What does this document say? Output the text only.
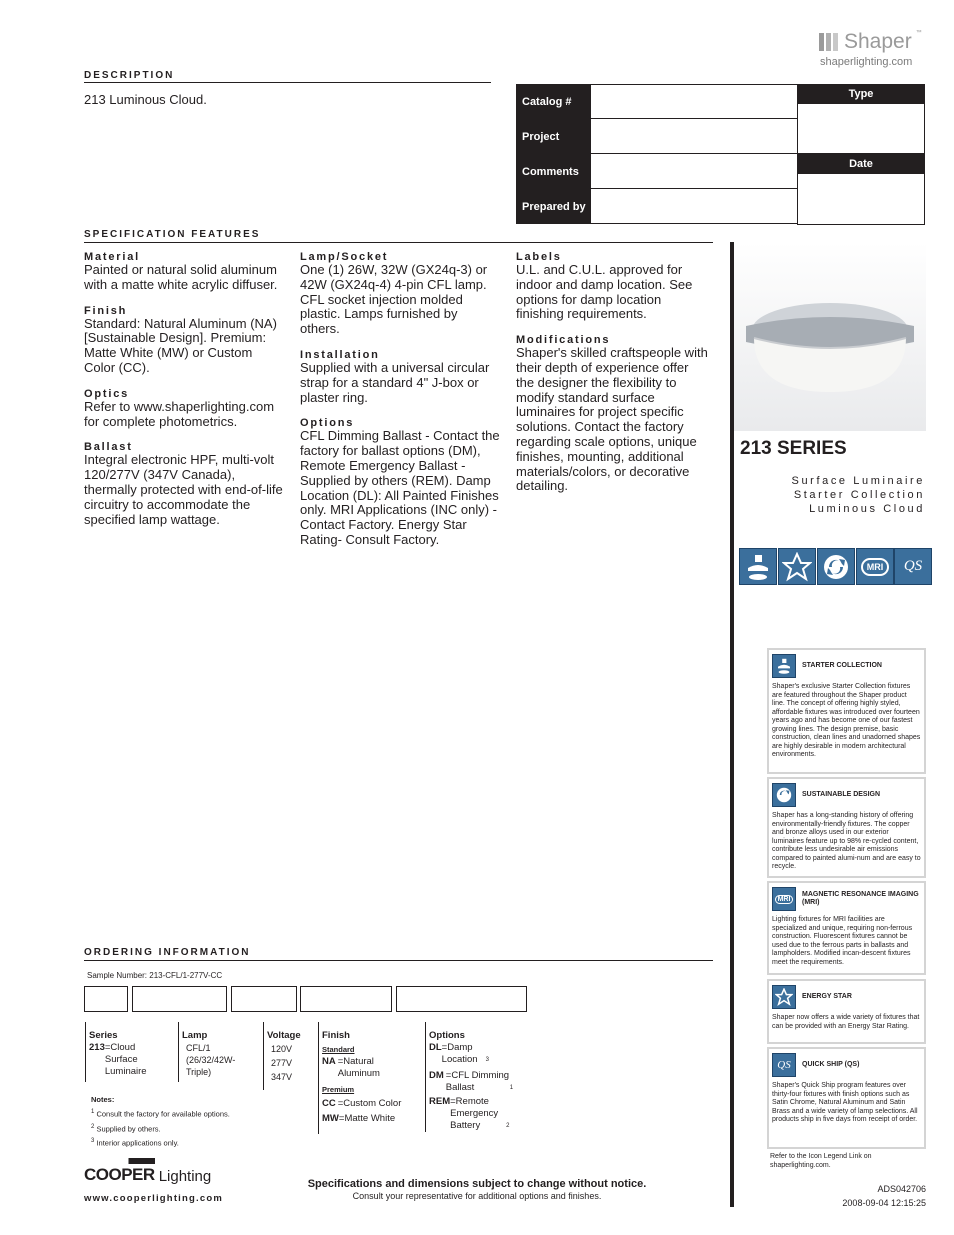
Shaper ™
shaperlighting.com
DESCRIPTION
213 Luminous Cloud.	Catalog #
Project
Comments
Prepared by
Type
Date
SPECIFICATION FEATURES
Material
Painted or natural solid aluminum with a matte white acrylic diffuser.
Finish
Standard: Natural Aluminum (NA) [Sustainable Design]. Premium: Matte White (MW) or Custom Color (CC).
Optics
Refer to www.shaperlighting.com for complete photometrics.
Ballast
Integral electronic HPF, multi-volt 120/277V (347V Canada), thermally protected with end-of-life circuitry to accommodate the specified lamp wattage.
Lamp/Socket
One (1) 26W, 32W (GX24q-3) or 42W (GX24q-4) 4-pin CFL lamp. CFL socket injection molded plastic. Lamps furnished by others.
Installation
Supplied with a universal circular strap for a standard 4" J-box or plaster ring.
Options
CFL Dimming Ballast - Contact the factory for ballast options (DM), Remote Emergency Ballast - Supplied by others (REM). Damp Location (DL): All Painted Finishes only. MRI Applications (INC only) - Contact Factory. Energy Star Rating- Consult Factory.
Labels
U.L. and C.U.L. approved for indoor and damp location. See options for damp location finishing requirements.
Modifications
Shaper's skilled craftspeople with their depth of experience offer the designer the flexibility to modify standard surface luminaires for project specific solutions. Contact the factory regarding scale options, unique finishes, mounting, additional materials/colors, or decorative detailing.
213 SERIES
Surface Luminaire
Starter Collection
Luminous Cloud
MRI	QS
STARTER COLLECTION
Shaper's exclusive Starter Collection fixtures are featured throughout the Shaper product line. The concept of offering highly styled, affordable fixtures was introduced over fourteen years ago and has become one of our fastest growing lines. The design premise, basic construction, clean lines and unadorned shapes are highly desirable in modern architectural environments.
SUSTAINABLE DESIGN
Shaper has a long-standing history of offering environmentally-friendly fixtures. The copper and bronze alloys used in our exterior luminaires feature up to 98% re-cycled content, contribute less undesirable air emissions compared to painted alumi-num and are easy to recycle.
MRI
MAGNETIC RESONANCE IMAGING (MRI)
Lighting fixtures for MRI facilities are specialized and unique, requiring non-ferrous construction. Fluorescent fixtures cannot be used due to the ferrous parts in ballasts and lampholders. Modified incan-descent fixtures meet the requirements.
ENERGY STAR
Shaper now offers a wide variety of fixtures that can be provided with an Energy Star Rating.
QS QUICK SHIP (QS)
Shaper's Quick Ship program features over thirty-four fixtures with finish options such as Satin Chrome, Natural Aluminum and Satin Brass and a wide variety of lamp selections. All products ship in five days from receipt of order.
Refer to the Icon Legend Link on shaperlighting.com.
ORDERING INFORMATION
Sample Number: 213-CFL/1-277V-CC
Series
213 =Cloud Surface Luminaire
Lamp
CFL/1
(26/32/42W-Triple)
Voltage
120V
277V
347V
Finish
Standard
NA =Natural Aluminum
Premium
CC =Custom Color
MW =Matte White
Options
DL =Damp Location	$_3$
DM =CFL Dimming Ballast	$_1$
REM =Remote Emergency Battery	$_2$
Notes:
$^1$ Consult the factory for available options.
$^2$ Supplied by others.
$^3$ Interior applications only.
COOPER Lighting
www.cooperlighting.com
Specifications and dimensions subject to change without notice.
Consult your representative for additional options and finishes.
ADS042706
2008-09-04 12:15:25
